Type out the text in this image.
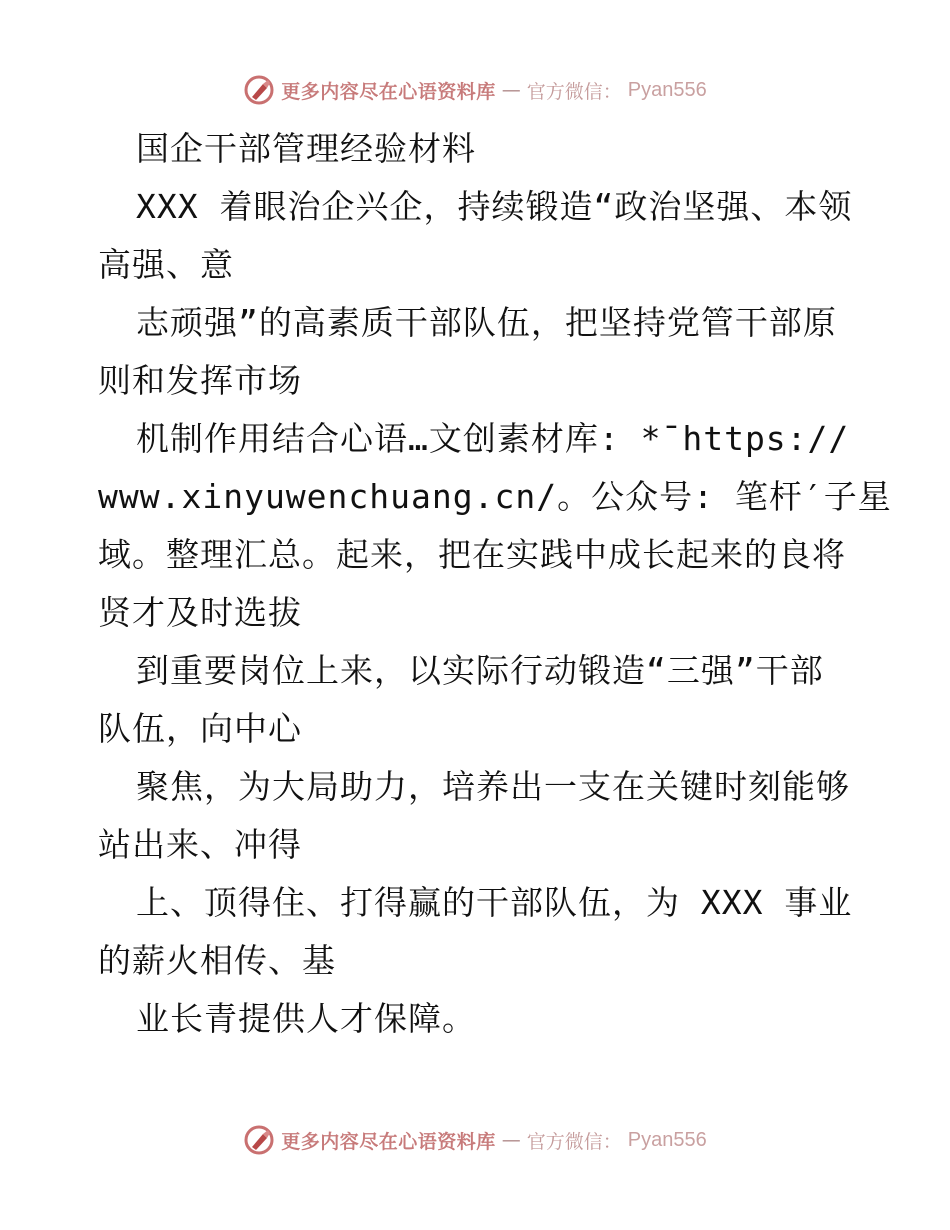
更多内容尽在心语资料库 — 官方微信： Pyan556
国企干部管理经验材料
XXX 着眼治企兴企，持续锻造“政治坚强、本领
高强、意
志顽强”的高素质干部队伍，把坚持党管干部原
则和发挥市场
机制作用结合心语…文创素材库: *¯https://
www.xinyuwenchuang.cn/。公众号: 笔杆′子星
域。整理汇总。起来，把在实践中成长起来的良将
贤才及时选拔
到重要岗位上来，以实际行动锻造“三强”干部
队伍，向中心
聚焦，为大局助力，培养出一支在关键时刻能够
站出来、冲得
上、顶得住、打得赢的干部队伍，为 XXX 事业
的薪火相传、基
业长青提供人才保障。
更多内容尽在心语资料库 — 官方微信： Pyan556
